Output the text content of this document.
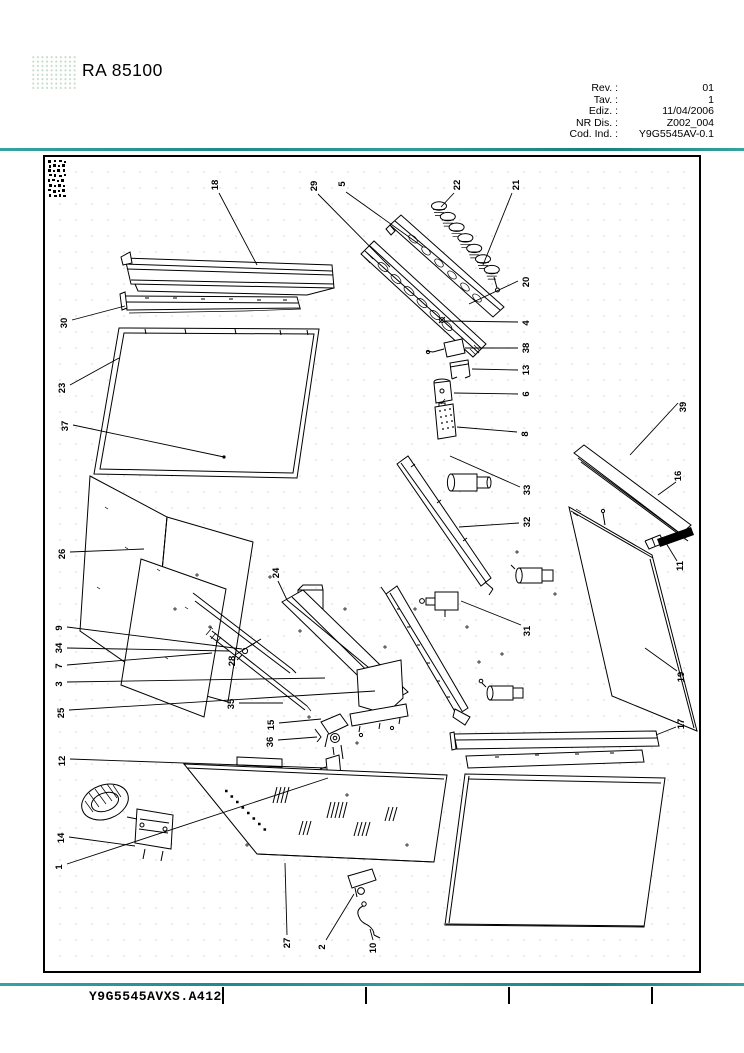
RA 85100
Rev. :	01
Tav. :	1
Ediz. :	11/04/2006
NR Dis. :	Z002_004
Cod. Ind. :	Y9G5545AV-0.1
18	29 5	22	21
30
23
37
20
4
38
13
6
8
39
33
32
16
11
26
24
9
34
7
3
25
28
31
19
35
15
36
17
12
14
1
27	2	10
Y9G5545AVXS.A412
